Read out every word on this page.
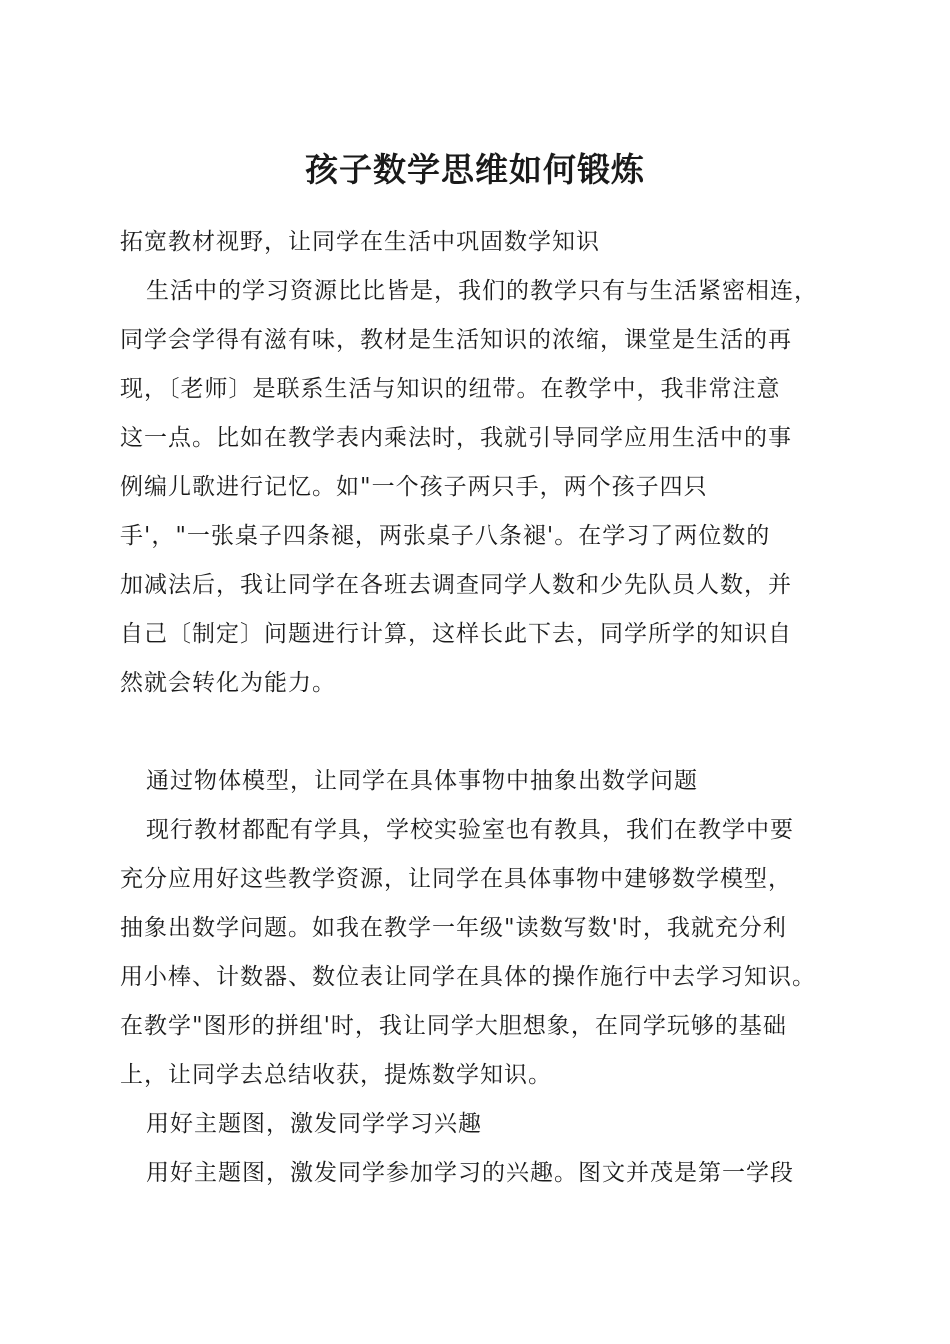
孩子数学思维如何锻炼

拓宽教材视野，让同学在生活中巩固数学知识

生活中的学习资源比比皆是，我们的教学只有与生活紧密相连，

同学会学得有滋有味，教材是生活知识的浓缩，课堂是生活的再

现，〔老师〕是联系生活与知识的纽带。在教学中，我非常注意

这一点。比如在教学表内乘法时，我就引导同学应用生活中的事

例编儿歌进行记忆。如"一个孩子两只手，两个孩子四只

手'，"一张桌子四条褪，两张桌子八条褪'。在学习了两位数的

加减法后，我让同学在各班去调查同学人数和少先队员人数，并

自己〔制定〕问题进行计算，这样长此下去，同学所学的知识自

然就会转化为能力。

通过物体模型，让同学在具体事物中抽象出数学问题

现行教材都配有学具，学校实验室也有教具，我们在教学中要

充分应用好这些教学资源，让同学在具体事物中建够数学模型，

抽象出数学问题。如我在教学一年级"读数写数'时，我就充分利

用小棒、计数器、数位表让同学在具体的操作施行中去学习知识。

在教学"图形的拼组'时，我让同学大胆想象，在同学玩够的基础

上，让同学去总结收获，提炼数学知识。

用好主题图，激发同学学习兴趣

用好主题图，激发同学参加学习的兴趣。图文并茂是第一学段
